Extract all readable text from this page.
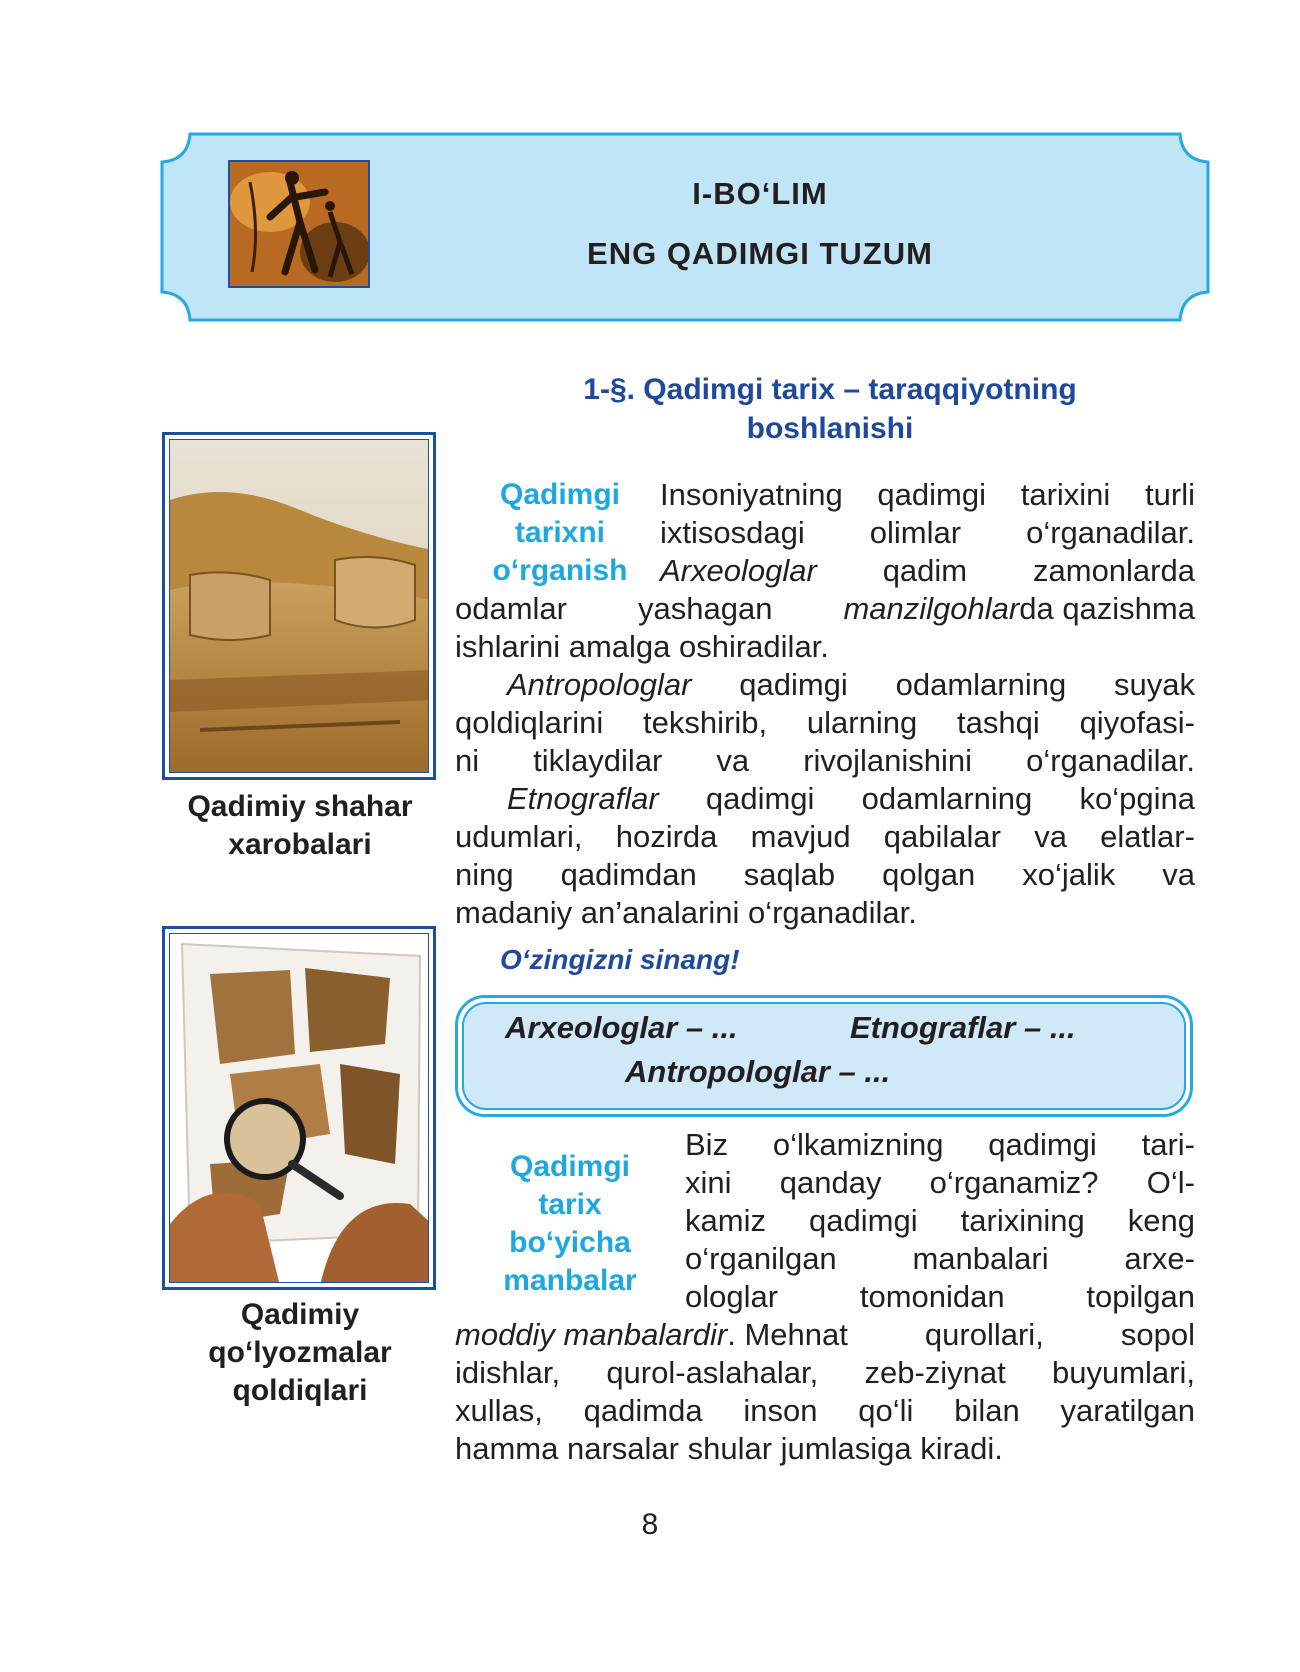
I-BO‘LIM
ENG QADIMGI TUZUM
1-§. Qadimgi tarix – taraqqiyotning
boshlanishi
Qadimiy shahar
xarobalari
Qadimiy
qo‘lyozmalar
qoldiqlari
Qadimgi
tarixni
o‘rganish
Qadimgi
tarix
bo‘yicha
manbalar
Insoniyatning qadimgi tarixini turli
ixtisosdagi olimlar o‘rganadilar.
Arxeologlar qadim zamonlarda
odamlar yashagan manzilgohlarda qazishma
ishlarini amalga oshiradilar.
Antropologlar qadimgi odamlarning suyak
qoldiqlarini tekshirib, ularning tashqi qiyofasi-
ni tiklaydilar va rivojlanishini o‘rganadilar.
Etnograflar qadimgi odamlarning ko‘pgina
udumlari, hozirda mavjud qabilalar va elatlar-
ning qadimdan saqlab qolgan xo‘jalik va
madaniy an’analarini o‘rganadilar.
O‘zingizni sinang!
Arxeologlar – ...	Etnograflar – ...
Antropologlar – ...
Biz o‘lkamizning qadimgi tari-
xini qanday o‘rganamiz? O‘l-
kamiz qadimgi tarixining keng
o‘rganilgan manbalari arxe-
ologlar	tomonidan	topilgan
moddiy manbalardir. Mehnat qurollari, sopol
idishlar, qurol-aslahalar, zeb-ziynat buyumlari,
xullas, qadimda inson qo‘li bilan yaratilgan
hamma narsalar shular jumlasiga kiradi.
8
